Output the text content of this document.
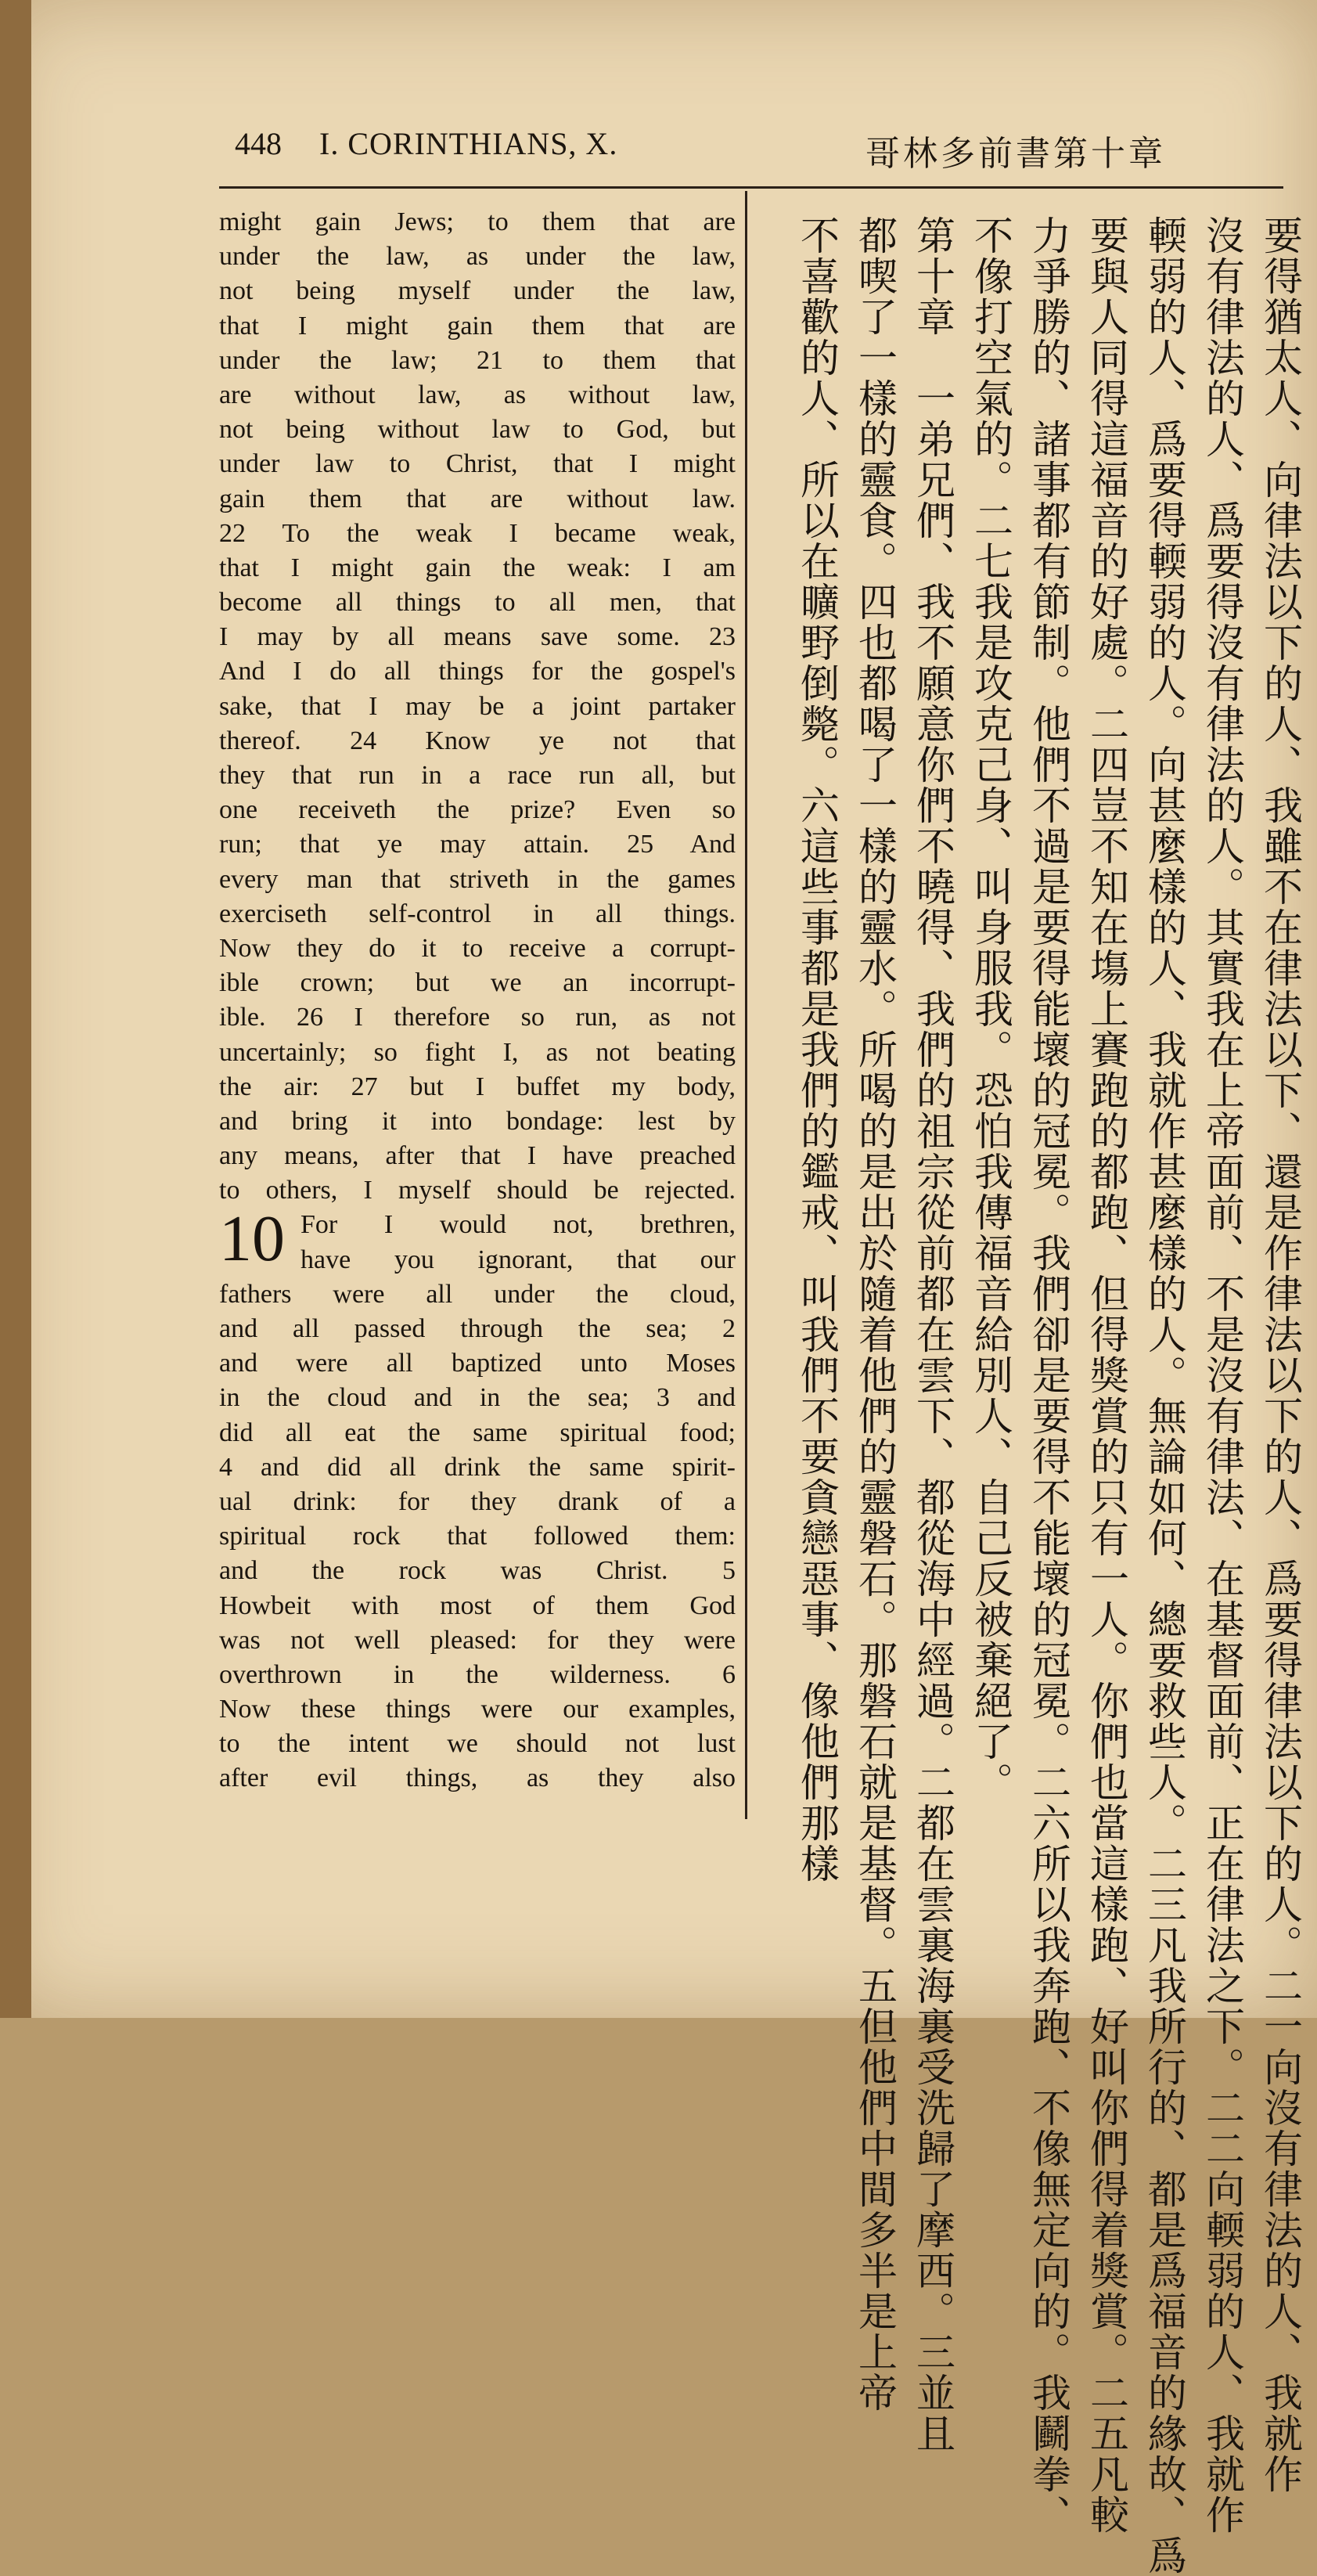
448 I. CORINTHIANS, X.	哥林多前書第十章
might gain Jews; to them that are
under the law, as under the law,
not being myself under the law,
that I might gain them that are
under the law; 21 to them that
are without law, as without law,
not being without law to God, but
under law to Christ, that I might
gain them that are without law.
22 To the weak I became weak,
that I might gain the weak: I am
become all things to all men, that
I may by all means save some. 23
And I do all things for the gospel's
sake, that I may be a joint partaker
thereof. 24 Know ye not that
they that run in a race run all, but
one receiveth the prize? Even so
run; that ye may attain. 25 And
every man that striveth in the games
exerciseth self-control in all things.
Now they do it to receive a corrupt-
ible crown; but we an incorrupt-
ible. 26 I therefore so run, as not
uncertainly; so fight I, as not beating
the air: 27 but I buffet my body,
and bring it into bondage: lest by
any means, after that I have preached
to others, I myself should be rejected.
10 For I would not, brethren,
have you ignorant, that our
fathers were all under the cloud,
and all passed through the sea; 2
and were all baptized unto Moses
in the cloud and in the sea; 3 and
did all eat the same spiritual food;
4 and did all drink the same spirit-
ual drink: for they drank of a
spiritual rock that followed them:
and the rock was Christ. 5
Howbeit with most of them God
was not well pleased: for they were
overthrown in the wilderness. 6
Now these things were our examples,
to the intent we should not lust
after evil things, as they also	要得猶太人、向律法以下的人、我雖不在律法以下、還是作律法以下的人、爲要得律法以下的人。二一向沒有律法的人、我就作
沒有律法的人、爲要得沒有律法的人。其實我在上帝面前、不是沒有律法、在基督面前、正在律法之下。二二向輭弱的人、我就作
輭弱的人、爲要得輭弱的人。向甚麼樣的人、我就作甚麼樣的人。無論如何、總要救些人。二三凡我所行的、都是爲福音的緣故、爲
要與人同得這福音的好處。二四豈不知在塲上賽跑的都跑、但得獎賞的只有一人。你們也當這樣跑、好叫你們得着獎賞。二五凡較
力爭勝的、諸事都有節制。他們不過是要得能壞的冠冕。我們卻是要得不能壞的冠冕。二六所以我奔跑、不像無定向的。我鬬拳、
不像打空氣的。二七我是攻克己身、叫身服我。恐怕我傳福音給別人、自己反被棄絕了。
第十章　一弟兄們、我不願意你們不曉得、我們的祖宗從前都在雲下、都從海中經過。二都在雲裏海裏受洗歸了摩西。三並且
都喫了一樣的靈食。四也都喝了一樣的靈水。所喝的是出於隨着他們的靈磐石。那磐石就是基督。五但他們中間多半是上帝
不喜歡的人、所以在曠野倒斃。六這些事都是我們的鑑戒、叫我們不要貪戀惡事、像他們那樣
